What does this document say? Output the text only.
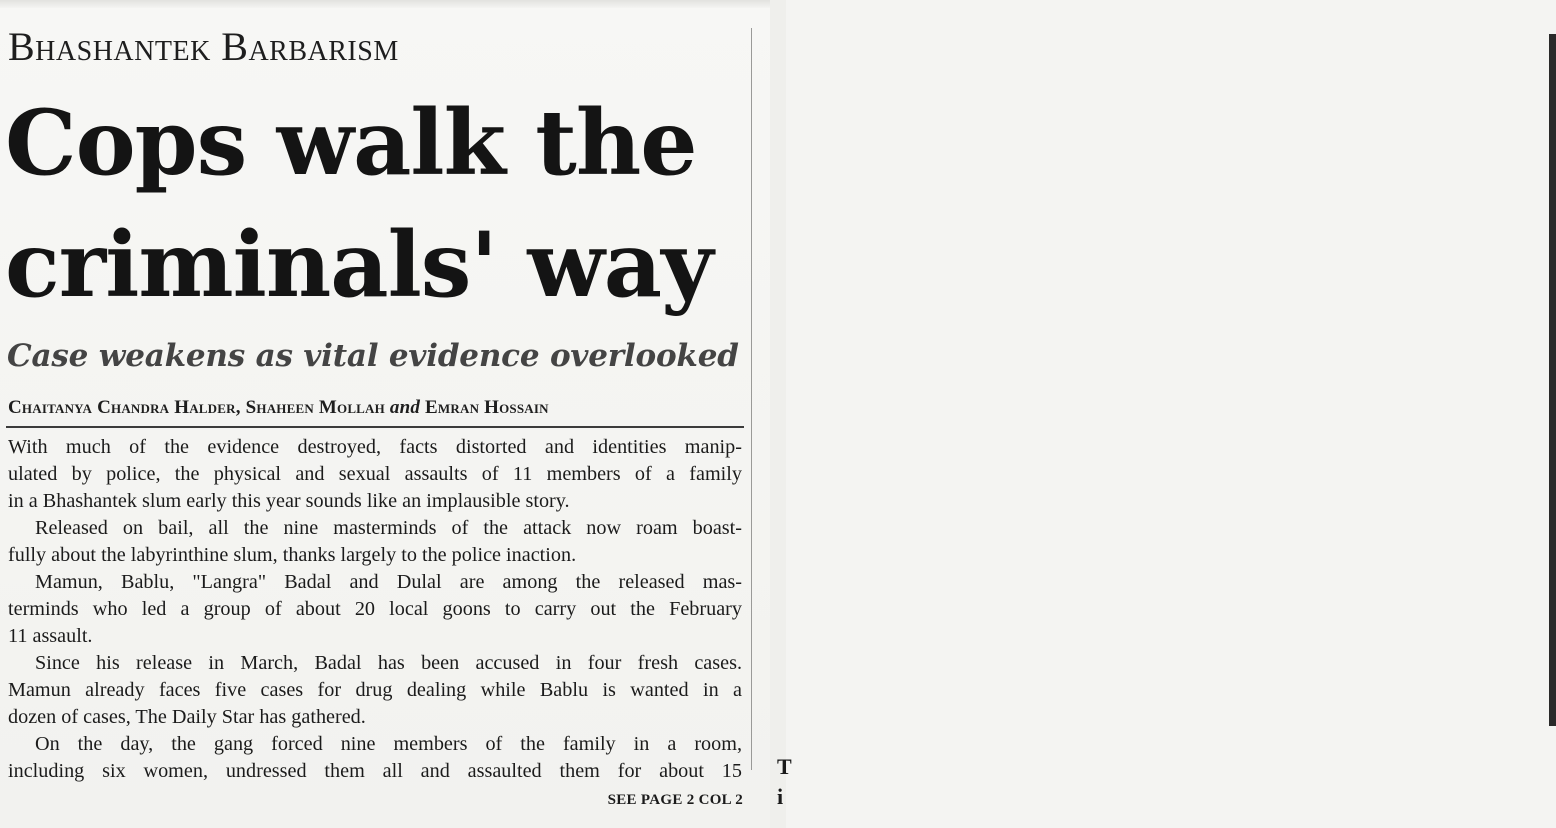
Bhashantek Barbarism
Cops walk the
criminals' way
Case weakens as vital evidence overlooked
Chaitanya Chandra Halder, Shaheen Mollah and Emran Hossain
With much of the evidence destroyed, facts distorted and identities manip-
ulated by police, the physical and sexual assaults of 11 members of a family
in a Bhashantek slum early this year sounds like an implausible story.
Released on bail, all the nine masterminds of the attack now roam boast-
fully about the labyrinthine slum, thanks largely to the police inaction.
Mamun, Bablu, "Langra" Badal and Dulal are among the released mas-
terminds who led a group of about 20 local goons to carry out the February
11 assault.
Since his release in March, Badal has been accused in four fresh cases.
Mamun already faces five cases for drug dealing while Bablu is wanted in a
dozen of cases, The Daily Star has gathered.
On the day, the gang forced nine members of the family in a room,
including six women, undressed them all and assaulted them for about 15
SEE PAGE 2 COL 2
T
i
